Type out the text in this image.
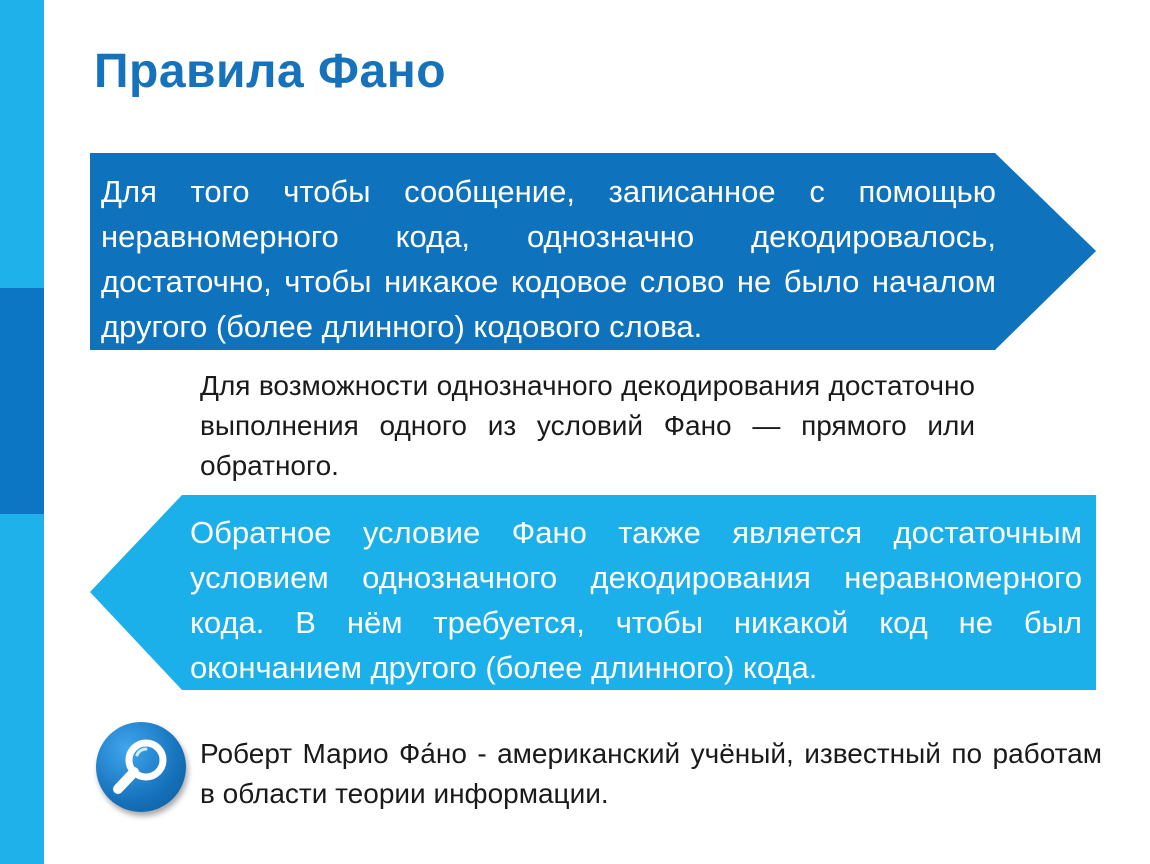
Правила Фано

Для того чтобы сообщение, записанное с помощью неравномерного кода, однозначно декодировалось, достаточно, чтобы никакое кодовое слово не было началом другого (более длинного) кодового слова.

Для возможности однозначного декодирования достаточно выполнения одного из условий Фано — прямого или обратного.

Обратное условие Фано также является достаточным условием однозначного декодирования неравномерного кода. В нём требуется, чтобы никакой код не был окончанием другого (более длинного) кода.

Роберт Марио Фа́но - американский учёный, известный по работам в области теории информации.
